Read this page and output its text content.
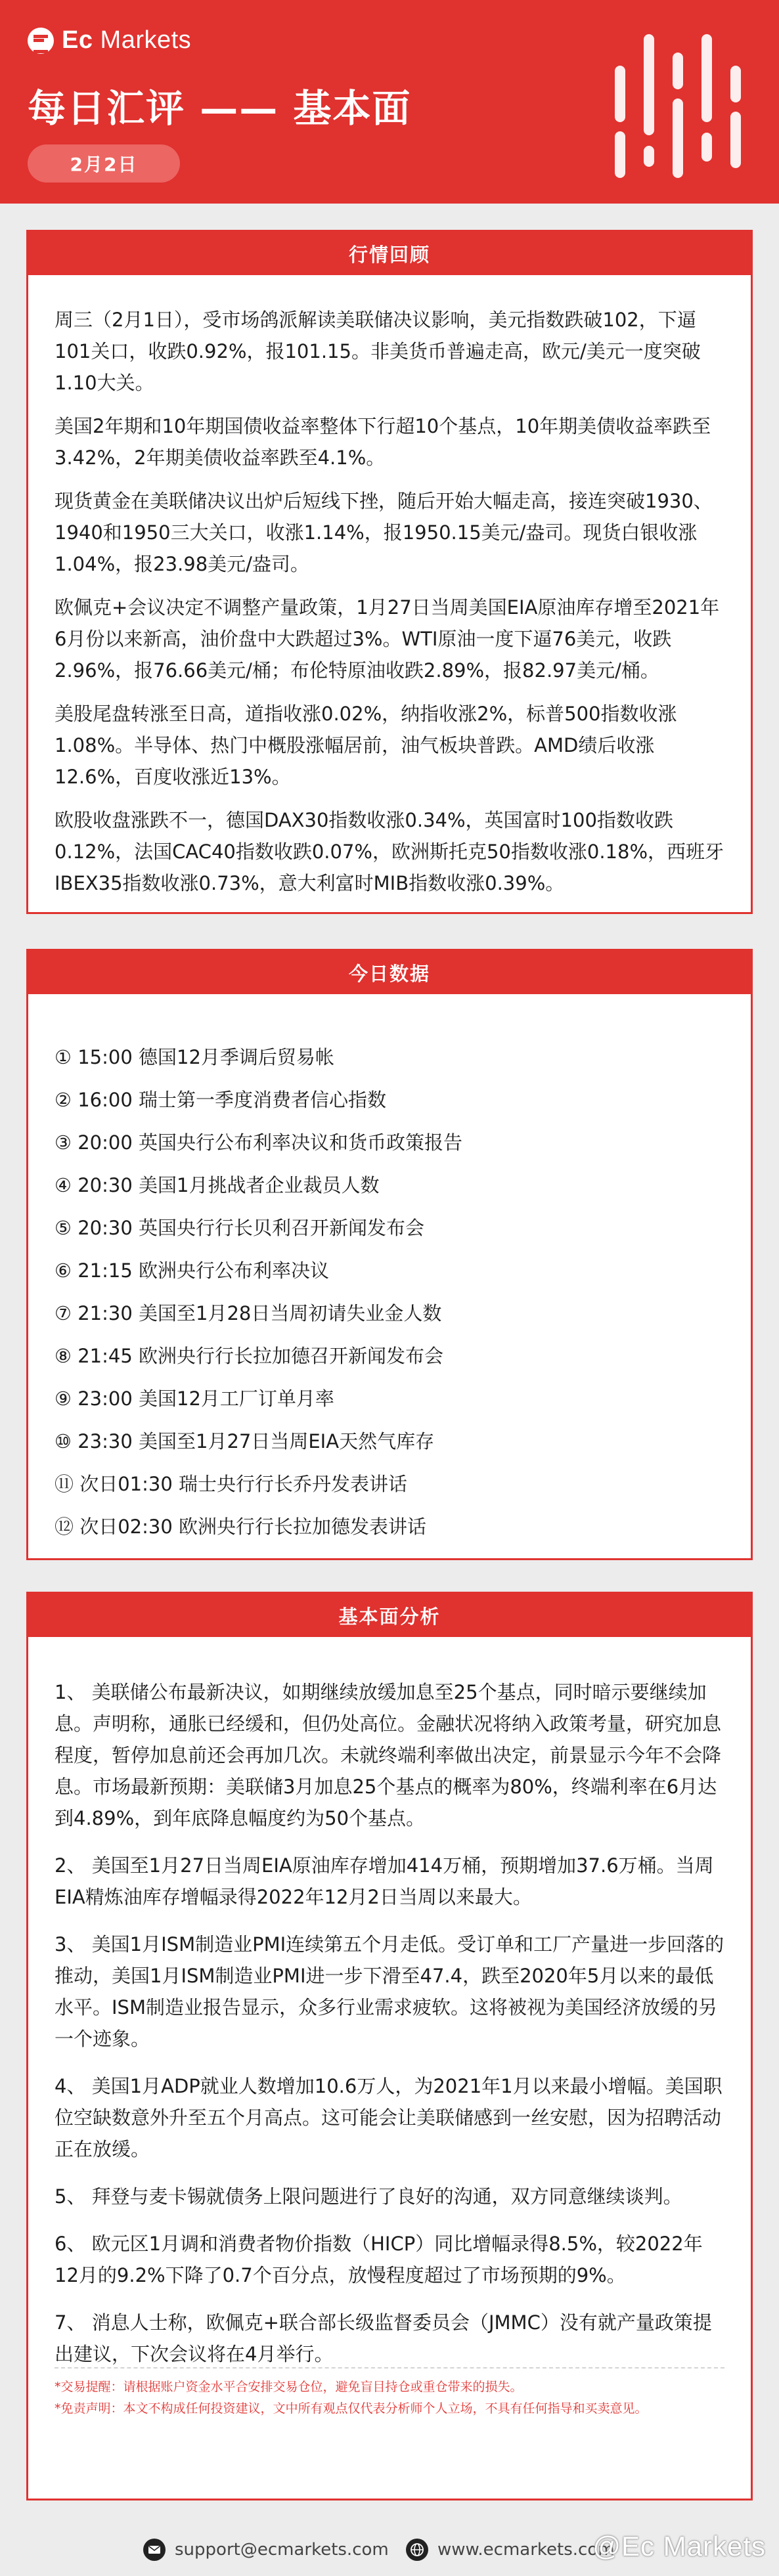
Ec Markets
每日汇评 —— 基本面
2月2日
行情回顾

周三（2月1日），受市场鸽派解读美联储决议影响，美元指数跌破102，下逼101关口，收跌0.92%，报101.15。非美货币普遍走高，欧元/美元一度突破1.10大关。

美国2年期和10年期国债收益率整体下行超10个基点，10年期美债收益率跌至3.42%，2年期美债收益率跌至4.1%。

现货黄金在美联储决议出炉后短线下挫，随后开始大幅走高，接连突破1930、1940和1950三大关口，收涨1.14%，报1950.15美元/盎司。现货白银收涨1.04%，报23.98美元/盎司。

欧佩克+会议决定不调整产量政策，1月27日当周美国EIA原油库存增至2021年6月份以来新高，油价盘中大跌超过3%。WTI原油一度下逼76美元，收跌2.96%，报76.66美元/桶；布伦特原油收跌2.89%，报82.97美元/桶。

美股尾盘转涨至日高，道指收涨0.02%，纳指收涨2%，标普500指数收涨1.08%。半导体、热门中概股涨幅居前，油气板块普跌。AMD绩后收涨12.6%，百度收涨近13%。

欧股收盘涨跌不一，德国DAX30指数收涨0.34%，英国富时100指数收跌0.12%，法国CAC40指数收跌0.07%，欧洲斯托克50指数收涨0.18%，西班牙IBEX35指数收涨0.73%，意大利富时MIB指数收涨0.39%。

今日数据
① 15:00 德国12月季调后贸易帐
② 16:00 瑞士第一季度消费者信心指数
③ 20:00 英国央行公布利率决议和货币政策报告
④ 20:30 美国1月挑战者企业裁员人数
⑤ 20:30 英国央行行长贝利召开新闻发布会
⑥ 21:15 欧洲央行公布利率决议
⑦ 21:30 美国至1月28日当周初请失业金人数
⑧ 21:45 欧洲央行行长拉加德召开新闻发布会
⑨ 23:00 美国12月工厂订单月率
⑩ 23:30 美国至1月27日当周EIA天然气库存
⑪ 次日01:30 瑞士央行行长乔丹发表讲话
⑫ 次日02:30 欧洲央行行长拉加德发表讲话
基本面分析

1、 美联储公布最新决议，如期继续放缓加息至25个基点，同时暗示要继续加息。声明称，通胀已经缓和，但仍处高位。金融状况将纳入政策考量，研究加息程度，暂停加息前还会再加几次。未就终端利率做出决定，前景显示今年不会降息。市场最新预期：美联储3月加息25个基点的概率为80%，终端利率在6月达到4.89%，到年底降息幅度约为50个基点。

2、 美国至1月27日当周EIA原油库存增加414万桶，预期增加37.6万桶。当周EIA精炼油库存增幅录得2022年12月2日当周以来最大。

3、 美国1月ISM制造业PMI连续第五个月走低。受订单和工厂产量进一步回落的推动，美国1月ISM制造业PMI进一步下滑至47.4，跌至2020年5月以来的最低水平。ISM制造业报告显示，众多行业需求疲软。这将被视为美国经济放缓的另一个迹象。

4、 美国1月ADP就业人数增加10.6万人，为2021年1月以来最小增幅。美国职位空缺数意外升至五个月高点。这可能会让美联储感到一丝安慰，因为招聘活动正在放缓。

5、 拜登与麦卡锡就债务上限问题进行了良好的沟通，双方同意继续谈判。

6、 欧元区1月调和消费者物价指数（HICP）同比增幅录得8.5%，较2022年12月的9.2%下降了0.7个百分点，放慢程度超过了市场预期的9%。

7、 消息人士称，欧佩克+联合部长级监督委员会（JMMC）没有就产量政策提出建议，下次会议将在4月举行。

*交易提醒：请根据账户资金水平合安排交易仓位，避免盲目持仓或重仓带来的损失。
*免责声明：本文不构成任何投资建议，文中所有观点仅代表分析师个人立场，不具有任何指导和买卖意见。
support@ecmarkets.com	www.ecmarkets.com
@Ec Markets
